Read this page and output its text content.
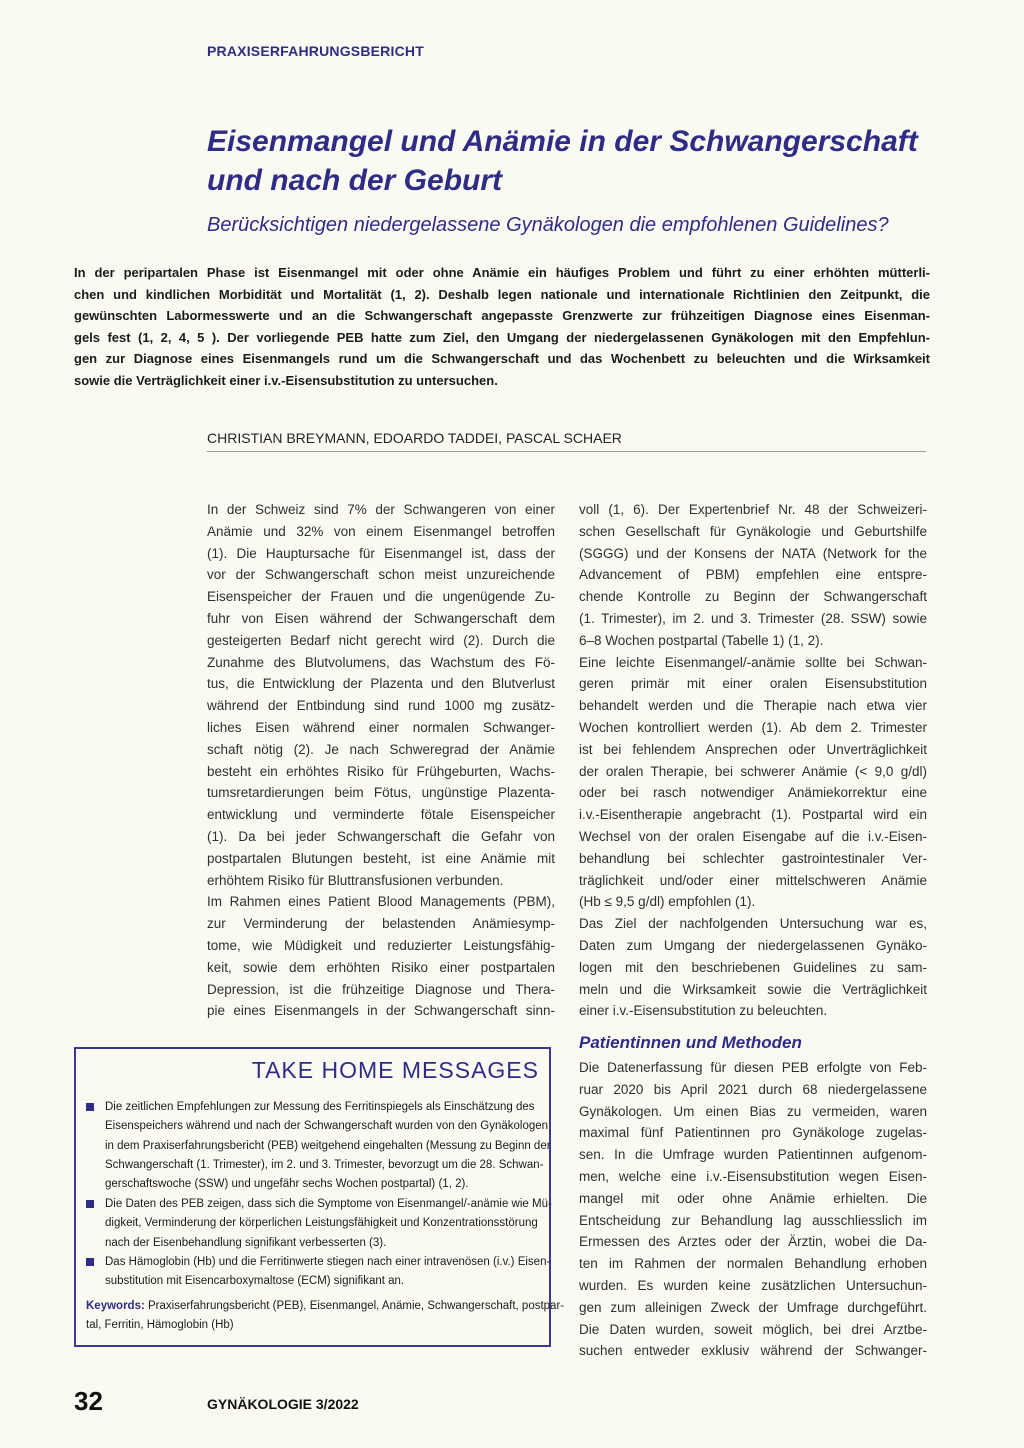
PRAXISERFAHRUNGSBERICHT
Eisenmangel und Anämie in der Schwangerschaft
und nach der Geburt
Berücksichtigen niedergelassene Gynäkologen die empfohlenen Guidelines?
In der peripartalen Phase ist Eisenmangel mit oder ohne Anämie ein häufiges Problem und führt zu einer erhöhten mütterli-
chen und kindlichen Morbidität und Mortalität (1, 2). Deshalb legen nationale und internationale Richtlinien den Zeitpunkt, die
gewünschten Labormesswerte und an die Schwangerschaft angepasste Grenzwerte zur frühzeitigen Diagnose eines Eisenman-
gels fest (1, 2, 4, 5 ). Der vorliegende PEB hatte zum Ziel, den Umgang der niedergelassenen Gynäkologen mit den Empfehlun-
gen zur Diagnose eines Eisenmangels rund um die Schwangerschaft und das Wochenbett zu beleuchten und die Wirksamkeit
sowie die Verträglichkeit einer i.v.-Eisensubstitution zu untersuchen.
CHRISTIAN BREYMANN, EDOARDO TADDEI, PASCAL SCHAER
In der Schweiz sind 7% der Schwangeren von einer
Anämie und 32% von einem Eisenmangel betroffen
(1). Die Hauptursache für Eisenmangel ist, dass der
vor der Schwangerschaft schon meist unzureichende
Eisenspeicher der Frauen und die ungenügende Zu-
fuhr von Eisen während der Schwangerschaft dem
gesteigerten Bedarf nicht gerecht wird (2). Durch die
Zunahme des Blutvolumens, das Wachstum des Fö-
tus, die Entwicklung der Plazenta und den Blutverlust
während der Entbindung sind rund 1000 mg zusätz-
liches Eisen während einer normalen Schwanger-
schaft nötig (2). Je nach Schweregrad der Anämie
besteht ein erhöhtes Risiko für Frühgeburten, Wachs-
tumsretardierungen beim Fötus, ungünstige Plazenta-
entwicklung und verminderte fötale Eisenspeicher
(1). Da bei jeder Schwangerschaft die Gefahr von
postpartalen Blutungen besteht, ist eine Anämie mit
erhöhtem Risiko für Bluttransfusionen verbunden.
Im Rahmen eines Patient Blood Managements (PBM),
zur Verminderung der belastenden Anämiesymp-
tome, wie Müdigkeit und reduzierter Leistungsfähig-
keit, sowie dem erhöhten Risiko einer postpartalen
Depression, ist die frühzeitige Diagnose und Thera-
pie eines Eisenmangels in der Schwangerschaft sinn-
voll (1, 6). Der Expertenbrief Nr. 48 der Schweizeri-
schen Gesellschaft für Gynäkologie und Geburtshilfe
(SGGG) und der Konsens der NATA (Network for the
Advancement of PBM) empfehlen eine entspre-
chende Kontrolle zu Beginn der Schwangerschaft
(1. Trimester), im 2. und 3. Trimester (28. SSW) sowie
6–8 Wochen postpartal (Tabelle 1) (1, 2).
Eine leichte Eisenmangel/-anämie sollte bei Schwan-
geren primär mit einer oralen Eisensubstitution
behandelt werden und die Therapie nach etwa vier
Wochen kontrolliert werden (1). Ab dem 2. Trimester
ist bei fehlendem Ansprechen oder Unverträglichkeit
der oralen Therapie, bei schwerer Anämie (< 9,0 g/dl)
oder bei rasch notwendiger Anämiekorrektur eine
i.v.-Eisentherapie angebracht (1). Postpartal wird ein
Wechsel von der oralen Eisengabe auf die i.v.-Eisen-
behandlung bei schlechter gastrointestinaler Ver-
träglichkeit und/oder einer mittelschweren Anämie
(Hb ≤ 9,5 g/dl) empfohlen (1).
Das Ziel der nachfolgenden Untersuchung war es,
Daten zum Umgang der niedergelassenen Gynäko-
logen mit den beschriebenen Guidelines zu sam-
meln und die Wirksamkeit sowie die Verträglichkeit
einer i.v.-Eisensubstitution zu beleuchten.
Patientinnen und Methoden
Die Datenerfassung für diesen PEB erfolgte von Feb-
ruar 2020 bis April 2021 durch 68 niedergelassene
Gynäkologen. Um einen Bias zu vermeiden, waren
maximal fünf Patientinnen pro Gynäkologe zugelas-
sen. In die Umfrage wurden Patientinnen aufgenom-
men, welche eine i.v.-Eisensubstitution wegen Eisen-
mangel mit oder ohne Anämie erhielten. Die
Entscheidung zur Behandlung lag ausschliesslich im
Ermessen des Arztes oder der Ärztin, wobei die Da-
ten im Rahmen der normalen Behandlung erhoben
wurden. Es wurden keine zusätzlichen Untersuchun-
gen zum alleinigen Zweck der Umfrage durchgeführt.
Die Daten wurden, soweit möglich, bei drei Arztbe-
suchen entweder exklusiv während der Schwanger-
TAKE HOME MESSAGES
Die zeitlichen Empfehlungen zur Messung des Ferritinspiegels als Einschätzung des
Eisenspeichers während und nach der Schwangerschaft wurden von den Gynäkologen
in dem Praxiserfahrungsbericht (PEB) weitgehend eingehalten (Messung zu Beginn der
Schwangerschaft (1. Trimester), im 2. und 3. Trimester, bevorzugt um die 28. Schwan-
gerschaftswoche (SSW) und ungefähr sechs Wochen postpartal) (1, 2).
Die Daten des PEB zeigen, dass sich die Symptome von Eisenmangel/-anämie wie Mü-
digkeit, Verminderung der körperlichen Leistungsfähigkeit und Konzentrationsstörung
nach der Eisenbehandlung signifikant verbesserten (3).
Das Hämoglobin (Hb) und die Ferritinwerte stiegen nach einer intravenösen (i.v.) Eisen-
substitution mit Eisencarboxymaltose (ECM) signifikant an.
Keywords: Praxiserfahrungsbericht (PEB), Eisenmangel, Anämie, Schwangerschaft, postpar-
tal, Ferritin, Hämoglobin (Hb)
32	GYNÄKOLOGIE 3/2022
